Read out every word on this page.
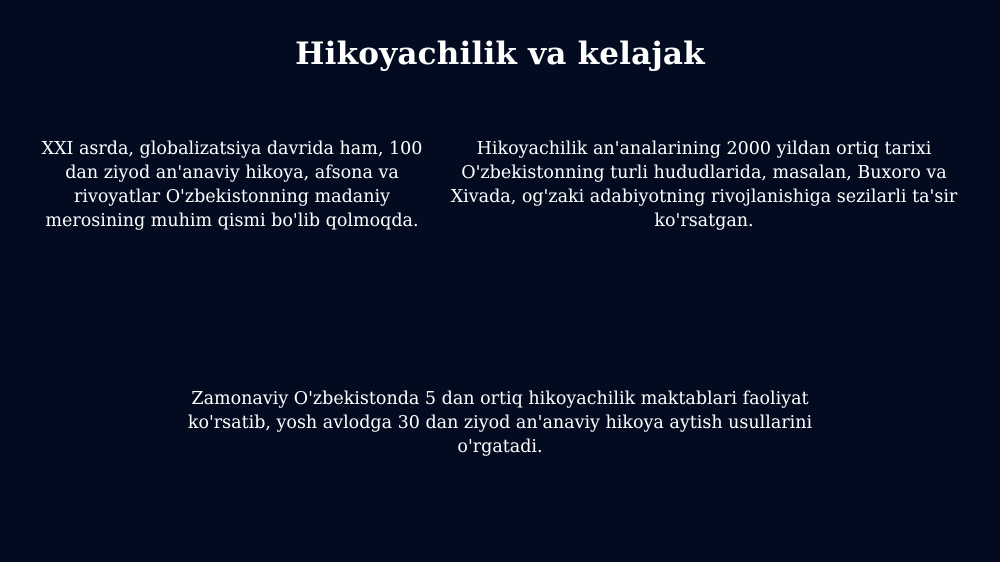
Hikoyachilik va kelajak

XXI asrda, globalizatsiya davrida ham, 100 dan ziyod an'anaviy hikoya, afsona va rivoyatlar O'zbekistonning madaniy merosining muhim qismi bo'lib qolmoqda.

Hikoyachilik an'analarining 2000 yildan ortiq tarixi O'zbekistonning turli hududlarida, masalan, Buxoro va Xivada, og'zaki adabiyotning rivojlanishiga sezilarli ta'sir ko'rsatgan.

Zamonaviy O'zbekistonda 5 dan ortiq hikoyachilik maktablari faoliyat ko'rsatib, yosh avlodga 30 dan ziyod an'anaviy hikoya aytish usullarini o'rgatadi.
